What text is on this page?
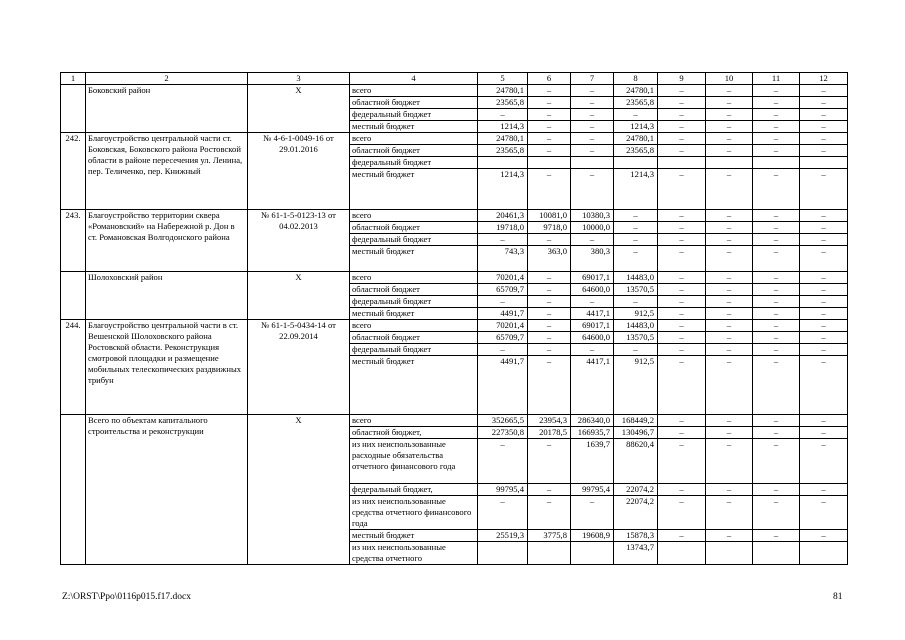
1	2	3	4	5	6	7	8	9	10	11	12
	Боковский район	X	всего	24780,1	–	–	24780,1	–	–	–	–
			областной бюджет	23565,8	–	–	23565,8	–	–	–	–
			федеральный бюджет	–	–	–	–	–	–	–	–
			местный бюджет	1214,3	–	–	1214,3	–	–	–	–
242.	Благоустройство центральной части ст. Боковская, Боковского района Ростовской области в районе пересечения ул. Ленина, пер. Теличенко, пер. Книжный	№ 4-6-1-0049-16 от 29.01.2016	всего	24780,1	–	–	24780,1	–	–	–	–
			областной бюджет	23565,8	–	–	23565,8	–	–	–	–
			федеральный бюджет								
			местный бюджет	1214,3	–	–	1214,3	–	–	–	–
243.	Благоустройство территории сквера «Романовский» на Набережной р. Дон в ст. Романовская Волгодонского района	№ 61-1-5-0123-13 от 04.02.2013	всего	20461,3	10081,0	10380,3	–	–	–	–	–
			областной бюджет	19718,0	9718,0	10000,0	–	–	–	–	–
			федеральный бюджет	–	–	–	–	–	–	–	–
			местный бюджет	743,3	363,0	380,3	–	–	–	–	–
	Шолоховский район	X	всего	70201,4	–	69017,1	14483,0	–	–	–	–
			областной бюджет	65709,7	–	64600,0	13570,5	–	–	–	–
			федеральный бюджет	–	–	–	–	–	–	–	–
			местный бюджет	4491,7	–	4417,1	912,5	–	–	–	–
244.	Благоустройство центральной части в ст. Вешенской Шолоховского района Ростовской области. Реконструкция смотровой площадки и размещение мобильных телескопических раздвижных трибун	№ 61-1-5-0434-14 от 22.09.2014	всего	70201,4	–	69017,1	14483,0	–	–	–	–
			областной бюджет	65709,7	–	64600,0	13570,5	–	–	–	–
			федеральный бюджет	–	–	–	–	–	–	–	–
			местный бюджет	4491,7	–	4417,1	912,5	–	–	–	–
	Всего по объектам капитального строительства и реконструкции	X	всего	352665,5	23954,3	286340,0	168449,2	–	–	–	–
			областной бюджет,	227350,8	20178,5	166935,7	130496,7	–	–	–	–
			из них неиспользованные расходные обязательства отчетного финансового года	–	–	1639,7	88620,4	–	–	–	–
			федеральный бюджет,	99795,4	–	99795,4	22074,2	–	–	–	–
			из них неиспользованные средства отчетного финансового года	–	–	–	22074,2	–	–	–	–
			местный бюджет	25519,3	3775,8	19608,9	15878,3	–	–	–	–
			из них неиспользованные средства отчетного				13743,7				
Z:\ORST\Ppo\0116p015.f17.docx	81
